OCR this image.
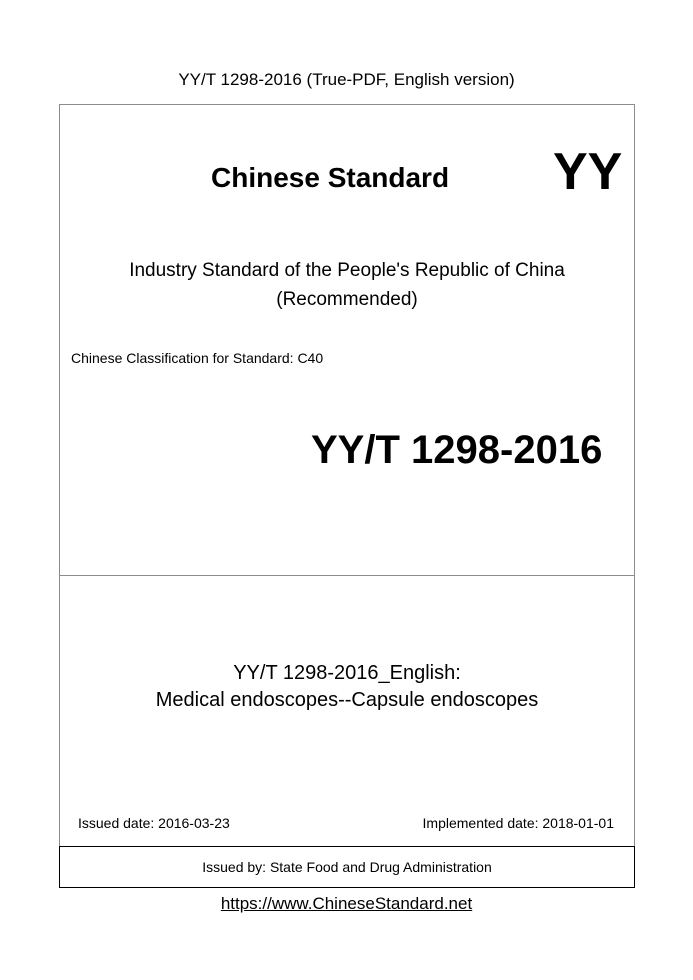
YY/T 1298-2016 (True-PDF, English version)
Chinese Standard YY
Industry Standard of the People's Republic of China
(Recommended)
Chinese Classification for Standard: C40
YY/T 1298-2016
YY/T 1298-2016_English:
Medical endoscopes--Capsule endoscopes
Issued date: 2016-03-23	Implemented date: 2018-01-01
Issued by: State Food and Drug Administration
https://www.ChineseStandard.net
